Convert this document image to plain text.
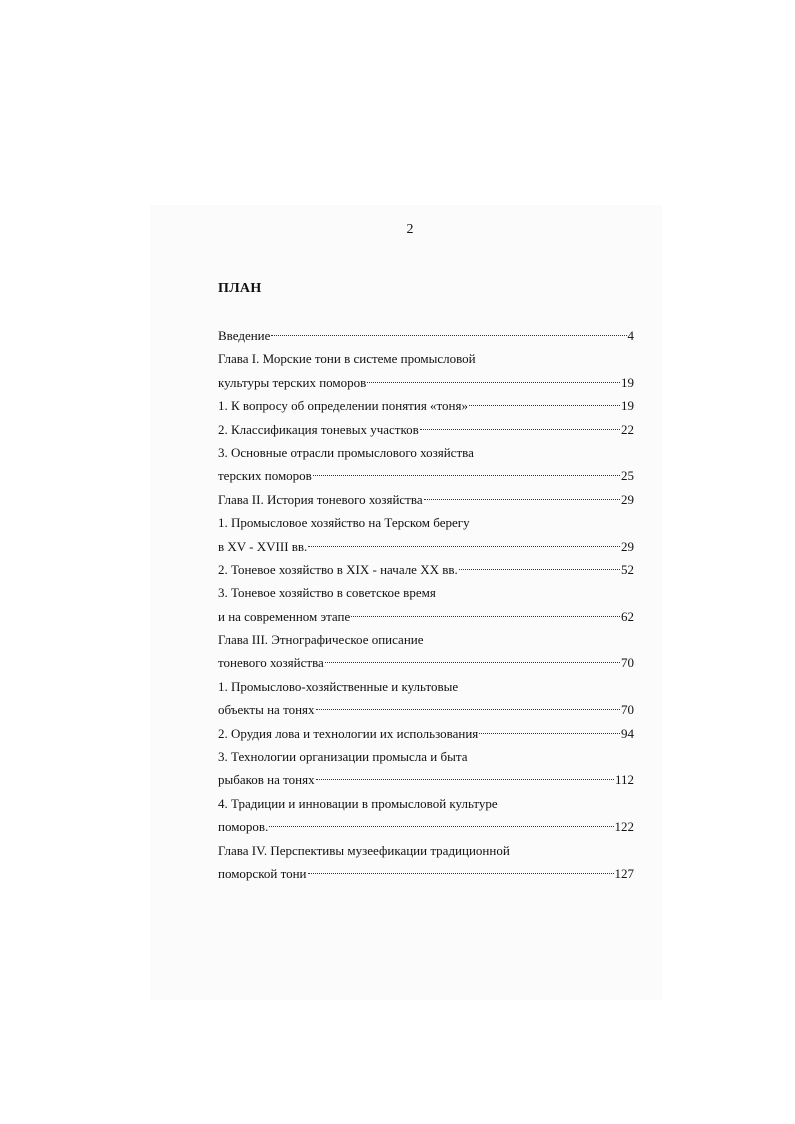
2
ПЛАН
Введение	4
Глава I. Морские тони в системе промысловой
культуры терских поморов	19
1. К вопросу об определении понятия «тоня»	19
2. Классификация тоневых участков	22
3. Основные отрасли промыслового хозяйства
терских поморов	25
Глава II. История тоневого хозяйства	29
1. Промысловое хозяйство на Терском берегу
в XV - XVIII вв.	29
2. Тоневое хозяйство в XIX - начале XX вв.	52
3. Тоневое хозяйство в советское время
и на современном этапе	62
Глава III. Этнографическое описание
тоневого хозяйства	70
1. Промыслово-хозяйственные и культовые
объекты на тонях	70
2. Орудия лова и технологии их использования	94
3. Технологии организации промысла и быта
рыбаков на тонях	112
4. Традиции и инновации в промысловой культуре
поморов.	122
Глава IV. Перспективы музеефикации традиционной
поморской тони	127
